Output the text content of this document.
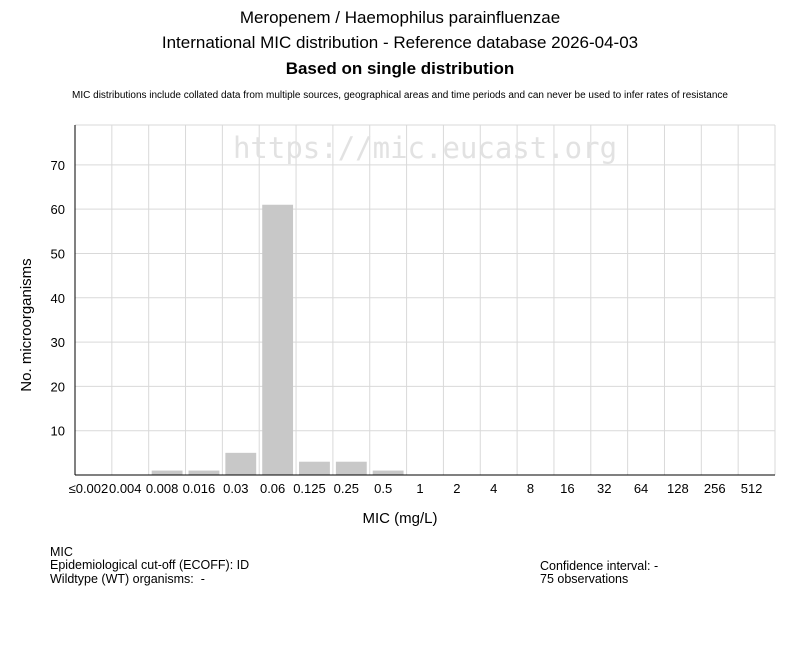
Meropenem / Haemophilus parainfluenzae
International MIC distribution - Reference database 2026-04-03
Based on single distribution
MIC distributions include collated data from multiple sources, geographical areas and time periods and can never be used to infer rates of resistance
10
20
30
40
50
60
70
https://mic.eucast.org
≤0.002 0.004 0.008 0.016 0.03 0.06 0.125 0.25 0.5 1 2 4 8 16 32 64 128 256 512
MIC (mg/L)
No. microorganisms
MIC
Epidemiological cut-off (ECOFF): ID
Wildtype (WT) organisms:  -
Confidence interval: -
75 observations
